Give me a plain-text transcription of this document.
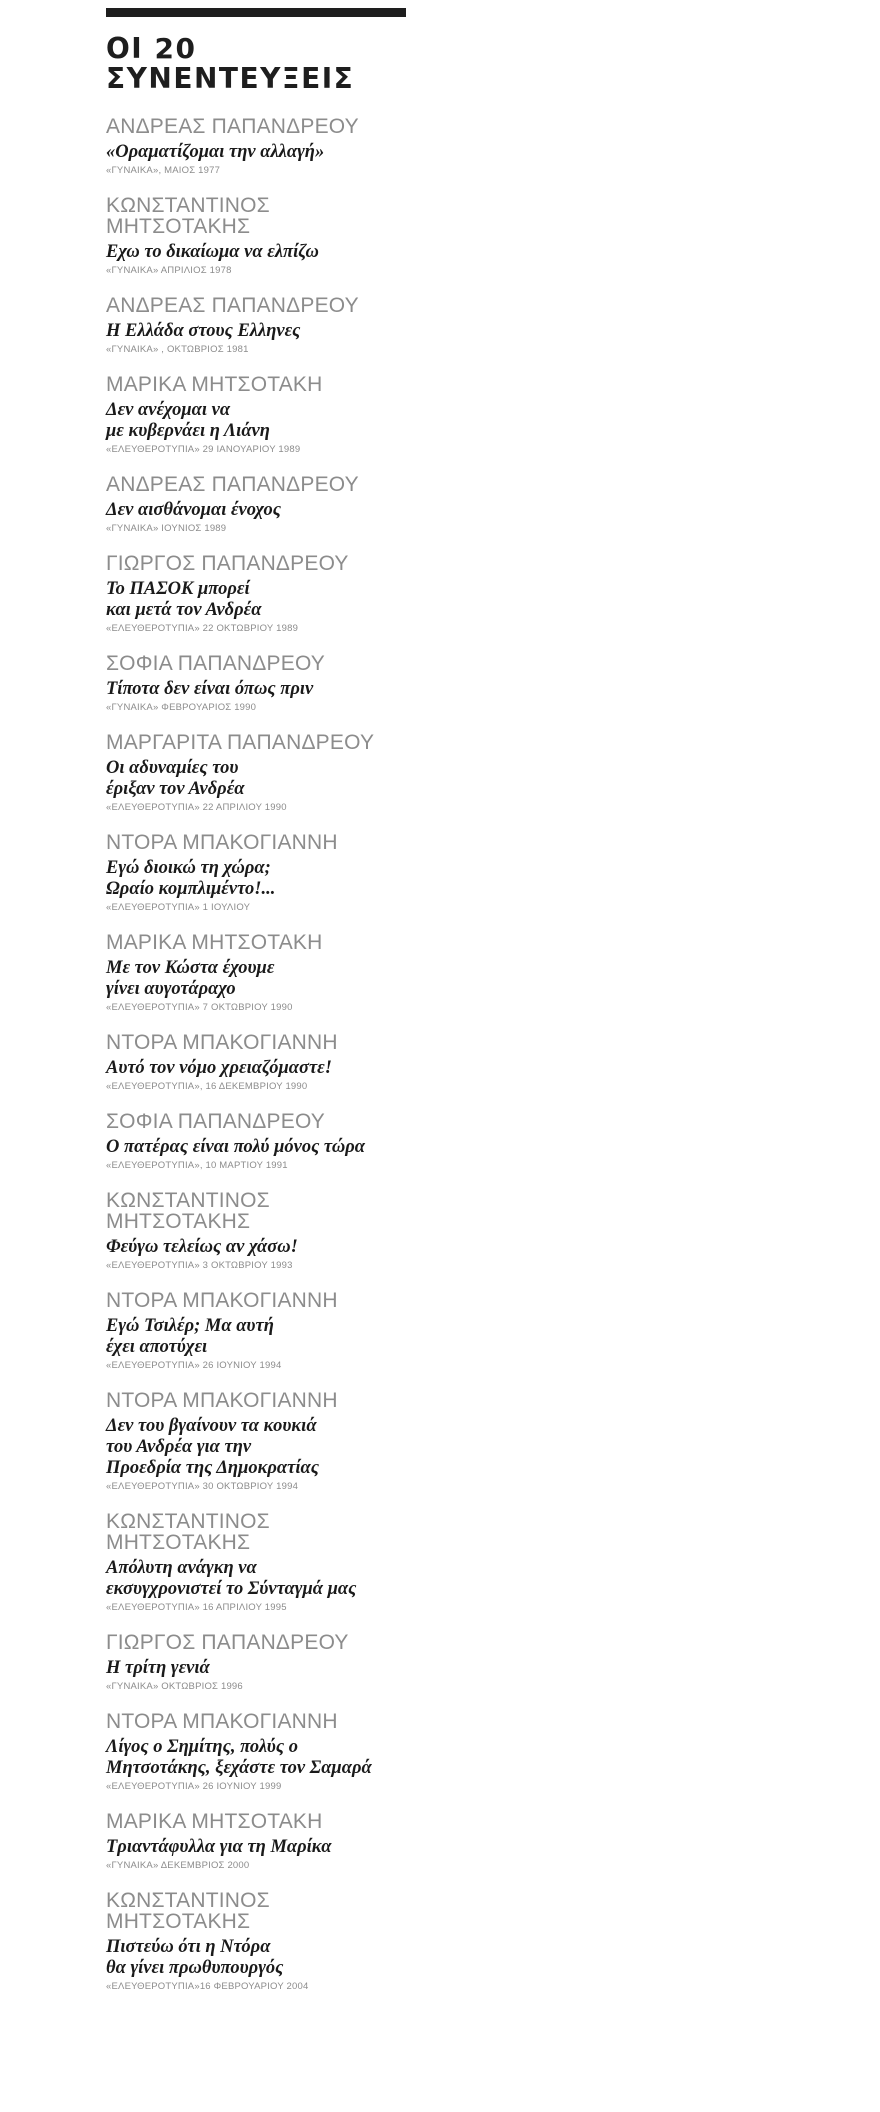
ΟΙ 20
ΣΥΝΕΝΤΕΥΞΕΙΣ
ΑΝΔΡΕΑΣ ΠΑΠΑΝΔΡΕΟΥ
«Οραματίζομαι την αλλαγή»
«ΓΥΝΑΙΚΑ», ΜΑΙΟΣ 1977
ΚΩΝΣΤΑΝΤΙΝΟΣ
ΜΗΤΣΟΤΑΚΗΣ
Εχω το δικαίωμα να ελπίζω
«ΓΥΝΑΙΚΑ» ΑΠΡΙΛΙΟΣ 1978
ΑΝΔΡΕΑΣ ΠΑΠΑΝΔΡΕΟΥ
Η Ελλάδα στους Ελληνες
«ΓΥΝΑΙΚΑ» , ΟΚΤΩΒΡΙΟΣ 1981
ΜΑΡΙΚΑ ΜΗΤΣΟΤΑΚΗ
Δεν ανέχομαι να
με κυβερνάει η Λιάνη
«ΕΛΕΥΘΕΡΟΤΥΠΙΑ» 29 ΙΑΝΟΥΑΡΙΟΥ 1989
ΑΝΔΡΕΑΣ ΠΑΠΑΝΔΡΕΟΥ
Δεν αισθάνομαι ένοχος
«ΓΥΝΑΙΚΑ» ΙΟΥΝΙΟΣ 1989
ΓΙΩΡΓΟΣ ΠΑΠΑΝΔΡΕΟΥ
Το ΠΑΣΟΚ μπορεί
και μετά τον Ανδρέα
«ΕΛΕΥΘΕΡΟΤΥΠΙΑ» 22 ΟΚΤΩΒΡΙΟΥ 1989
ΣΟΦΙΑ ΠΑΠΑΝΔΡΕΟΥ
Τίποτα δεν είναι όπως πριν
«ΓΥΝΑΙΚΑ» ΦΕΒΡΟΥΑΡΙΟΣ 1990
ΜΑΡΓΑΡΙΤΑ ΠΑΠΑΝΔΡΕΟΥ
Οι αδυναμίες του
έριξαν τον Ανδρέα
«ΕΛΕΥΘΕΡΟΤΥΠΙΑ» 22 ΑΠΡΙΛΙΟΥ 1990
ΝΤΟΡΑ ΜΠΑΚΟΓΙΑΝΝΗ
Εγώ διοικώ τη χώρα;
Ωραίο κομπλιμέντο!...
«ΕΛΕΥΘΕΡΟΤΥΠΙΑ» 1 ΙΟΥΛΙΟΥ
ΜΑΡΙΚΑ ΜΗΤΣΟΤΑΚΗ
Με τον Κώστα έχουμε
γίνει αυγοτάραχο
«ΕΛΕΥΘΕΡΟΤΥΠΙΑ» 7 ΟΚΤΩΒΡΙΟΥ 1990
ΝΤΟΡΑ ΜΠΑΚΟΓΙΑΝΝΗ
Αυτό τον νόμο χρειαζόμαστε!
«ΕΛΕΥΘΕΡΟΤΥΠΙΑ», 16 ΔΕΚΕΜΒΡΙΟΥ 1990
ΣΟΦΙΑ ΠΑΠΑΝΔΡΕΟΥ
Ο πατέρας είναι πολύ μόνος τώρα
«ΕΛΕΥΘΕΡΟΤΥΠΙΑ», 10 ΜΑΡΤΙΟΥ 1991
ΚΩΝΣΤΑΝΤΙΝΟΣ
ΜΗΤΣΟΤΑΚΗΣ
Φεύγω τελείως αν χάσω!
«ΕΛΕΥΘΕΡΟΤΥΠΙΑ» 3 ΟΚΤΩΒΡΙΟΥ 1993
ΝΤΟΡΑ ΜΠΑΚΟΓΙΑΝΝΗ
Εγώ Τσιλέρ; Μα αυτή
έχει αποτύχει
«ΕΛΕΥΘΕΡΟΤΥΠΙΑ» 26 ΙΟΥΝΙΟΥ 1994
ΝΤΟΡΑ ΜΠΑΚΟΓΙΑΝΝΗ
Δεν του βγαίνουν τα κουκιά
του Ανδρέα για την
Προεδρία της Δημοκρατίας
«ΕΛΕΥΘΕΡΟΤΥΠΙΑ» 30 ΟΚΤΩΒΡΙΟΥ 1994
ΚΩΝΣΤΑΝΤΙΝΟΣ
ΜΗΤΣΟΤΑΚΗΣ
Απόλυτη ανάγκη να
εκσυγχρονιστεί το Σύνταγμά μας
«ΕΛΕΥΘΕΡΟΤΥΠΙΑ» 16 ΑΠΡΙΛΙΟΥ 1995
ΓΙΩΡΓΟΣ ΠΑΠΑΝΔΡΕΟΥ
Η τρίτη γενιά
«ΓΥΝΑΙΚΑ» ΟΚΤΩΒΡΙΟΣ 1996
ΝΤΟΡΑ ΜΠΑΚΟΓΙΑΝΝΗ
Λίγος ο Σημίτης, πολύς ο
Μητσοτάκης, ξεχάστε τον Σαμαρά
«ΕΛΕΥΘΕΡΟΤΥΠΙΑ» 26 ΙΟΥΝΙΟΥ 1999
ΜΑΡΙΚΑ ΜΗΤΣΟΤΑΚΗ
Τριαντάφυλλα για τη Μαρίκα
«ΓΥΝΑΙΚΑ» ΔΕΚΕΜΒΡΙΟΣ 2000
ΚΩΝΣΤΑΝΤΙΝΟΣ
ΜΗΤΣΟΤΑΚΗΣ
Πιστεύω ότι η Ντόρα
θα γίνει πρωθυπουργός
«ΕΛΕΥΘΕΡΟΤΥΠΙΑ»16 ΦΕΒΡΟΥΑΡΙΟΥ 2004
